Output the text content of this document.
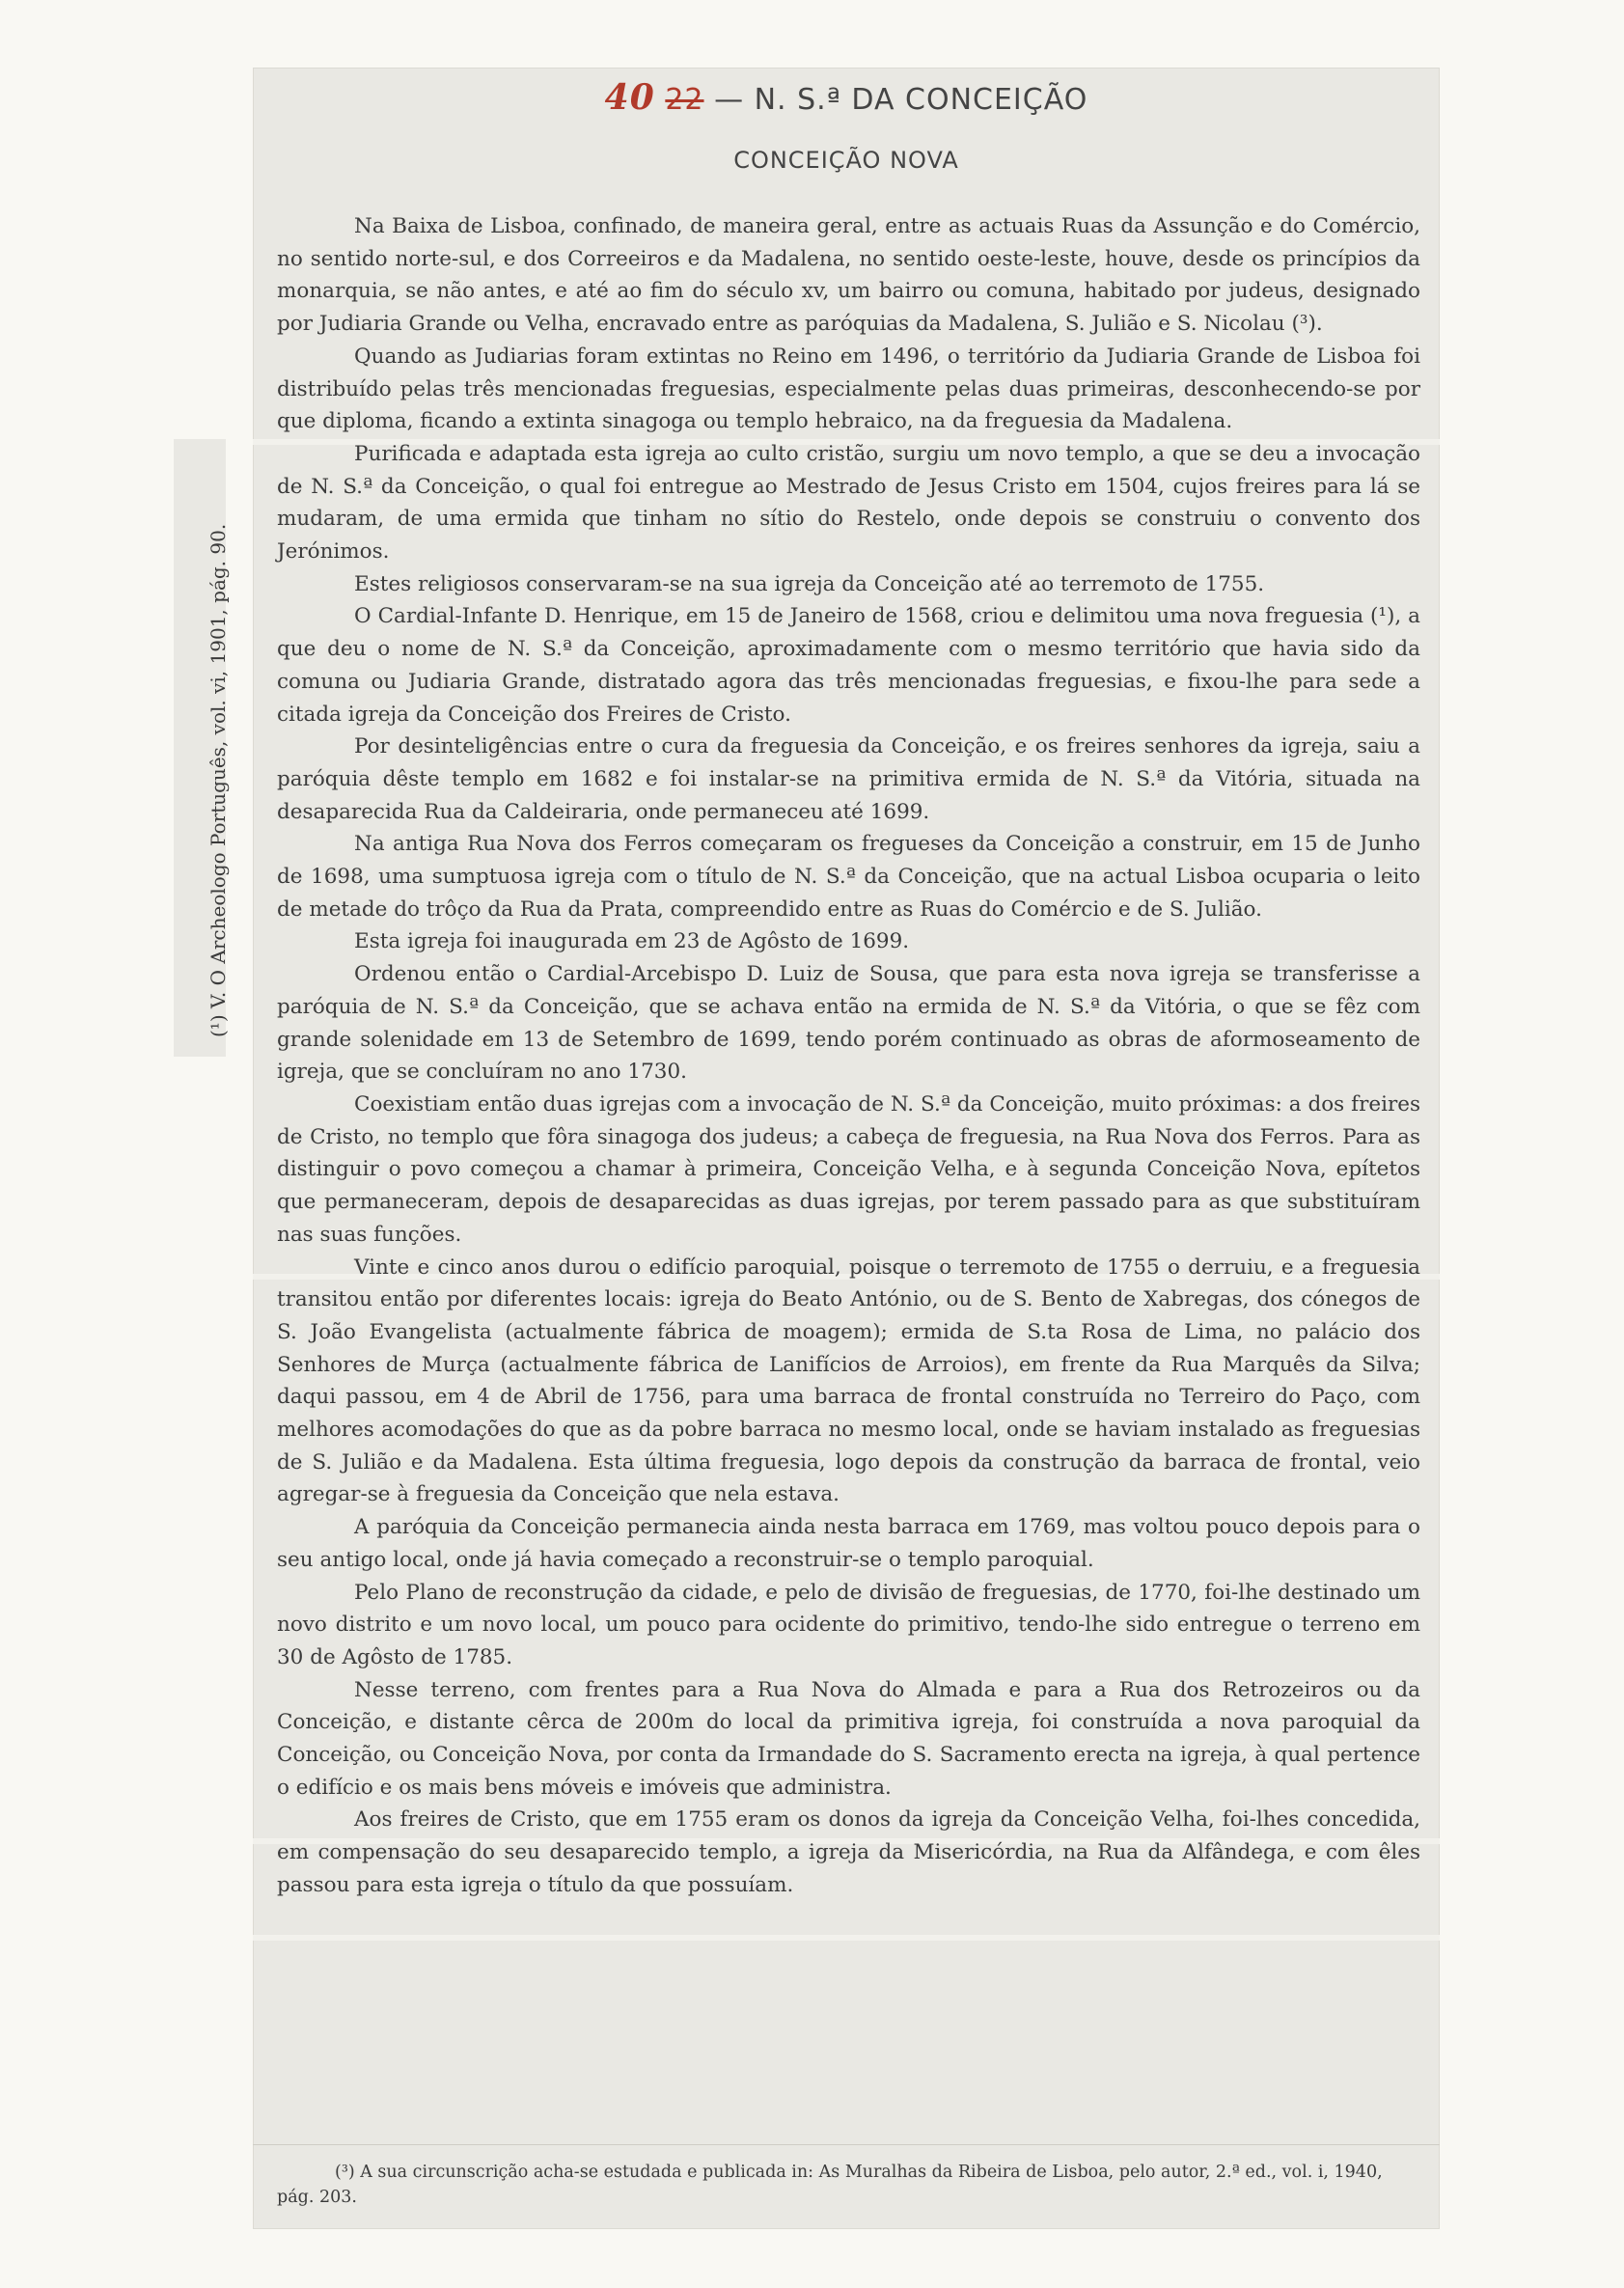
(¹) V. O Archeologo Português, vol. vi, 1901, pág. 90.
40 22 — N. S.ª DA CONCEIÇÃO
CONCEIÇÃO NOVA

Na Baixa de Lisboa, confinado, de maneira geral, entre as actuais Ruas da Assunção e do Comércio, no sentido norte-sul, e dos Correeiros e da Madalena, no sentido oeste-leste, houve, desde os princípios da monarquia, se não antes, e até ao fim do século xv, um bairro ou comuna, habitado por judeus, designado por Judiaria Grande ou Velha, encravado entre as paróquias da Madalena, S. Julião e S. Nicolau (³).

Quando as Judiarias foram extintas no Reino em 1496, o território da Judiaria Grande de Lisboa foi distribuído pelas três mencionadas freguesias, especialmente pelas duas primeiras, desconhecendo-se por que diploma, ficando a extinta sinagoga ou templo hebraico, na da freguesia da Madalena.

Purificada e adaptada esta igreja ao culto cristão, surgiu um novo templo, a que se deu a invocação de N. S.ª da Conceição, o qual foi entregue ao Mestrado de Jesus Cristo em 1504, cujos freires para lá se mudaram, de uma ermida que tinham no sítio do Restelo, onde depois se construiu o convento dos Jerónimos.

Estes religiosos conservaram-se na sua igreja da Conceição até ao terremoto de 1755.

O Cardial-Infante D. Henrique, em 15 de Janeiro de 1568, criou e delimitou uma nova freguesia (¹), a que deu o nome de N. S.ª da Conceição, aproximadamente com o mesmo território que havia sido da comuna ou Judiaria Grande, distratado agora das três mencionadas freguesias, e fixou-lhe para sede a citada igreja da Conceição dos Freires de Cristo.

Por desinteligências entre o cura da freguesia da Conceição, e os freires senhores da igreja, saiu a paróquia dêste templo em 1682 e foi instalar-se na primitiva ermida de N. S.ª da Vitória, situada na desaparecida Rua da Caldeiraria, onde permaneceu até 1699.

Na antiga Rua Nova dos Ferros começaram os fregueses da Conceição a construir, em 15 de Junho de 1698, uma sumptuosa igreja com o título de N. S.ª da Conceição, que na actual Lisboa ocuparia o leito de metade do trôço da Rua da Prata, compreendido entre as Ruas do Comércio e de S. Julião.

Esta igreja foi inaugurada em 23 de Agôsto de 1699.

Ordenou então o Cardial-Arcebispo D. Luiz de Sousa, que para esta nova igreja se transferisse a paróquia de N. S.ª da Conceição, que se achava então na ermida de N. S.ª da Vitória, o que se fêz com grande solenidade em 13 de Setembro de 1699, tendo porém continuado as obras de aformoseamento de igreja, que se concluíram no ano 1730.

Coexistiam então duas igrejas com a invocação de N. S.ª da Conceição, muito próximas: a dos freires de Cristo, no templo que fôra sinagoga dos judeus; a cabeça de freguesia, na Rua Nova dos Ferros. Para as distinguir o povo começou a chamar à primeira, Conceição Velha, e à segunda Conceição Nova, epítetos que permaneceram, depois de desaparecidas as duas igrejas, por terem passado para as que substituíram nas suas funções.

Vinte e cinco anos durou o edifício paroquial, poisque o terremoto de 1755 o derruiu, e a freguesia transitou então por diferentes locais: igreja do Beato António, ou de S. Bento de Xabregas, dos cónegos de S. João Evangelista (actualmente fábrica de moagem); ermida de S.ta Rosa de Lima, no palácio dos Senhores de Murça (actualmente fábrica de Lanifícios de Arroios), em frente da Rua Marquês da Silva; daqui passou, em 4 de Abril de 1756, para uma barraca de frontal construída no Terreiro do Paço, com melhores acomodações do que as da pobre barraca no mesmo local, onde se haviam instalado as freguesias de S. Julião e da Madalena. Esta última freguesia, logo depois da construção da barraca de frontal, veio agregar-se à freguesia da Conceição que nela estava.

A paróquia da Conceição permanecia ainda nesta barraca em 1769, mas voltou pouco depois para o seu antigo local, onde já havia começado a reconstruir-se o templo paroquial.

Pelo Plano de reconstrução da cidade, e pelo de divisão de freguesias, de 1770, foi-lhe destinado um novo distrito e um novo local, um pouco para ocidente do primitivo, tendo-lhe sido entregue o terreno em 30 de Agôsto de 1785.

Nesse terreno, com frentes para a Rua Nova do Almada e para a Rua dos Retrozeiros ou da Conceição, e distante cêrca de 200m do local da primitiva igreja, foi construída a nova paroquial da Conceição, ou Conceição Nova, por conta da Irmandade do S. Sacramento erecta na igreja, à qual pertence o edifício e os mais bens móveis e imóveis que administra.

Aos freires de Cristo, que em 1755 eram os donos da igreja da Conceição Velha, foi-lhes concedida, em compensação do seu desaparecido templo, a igreja da Misericórdia, na Rua da Alfândega, e com êles passou para esta igreja o título da que possuíam.

(³) A sua circunscrição acha-se estudada e publicada in: As Muralhas da Ribeira de Lisboa, pelo autor, 2.ª ed., vol. i, 1940, pág. 203.
